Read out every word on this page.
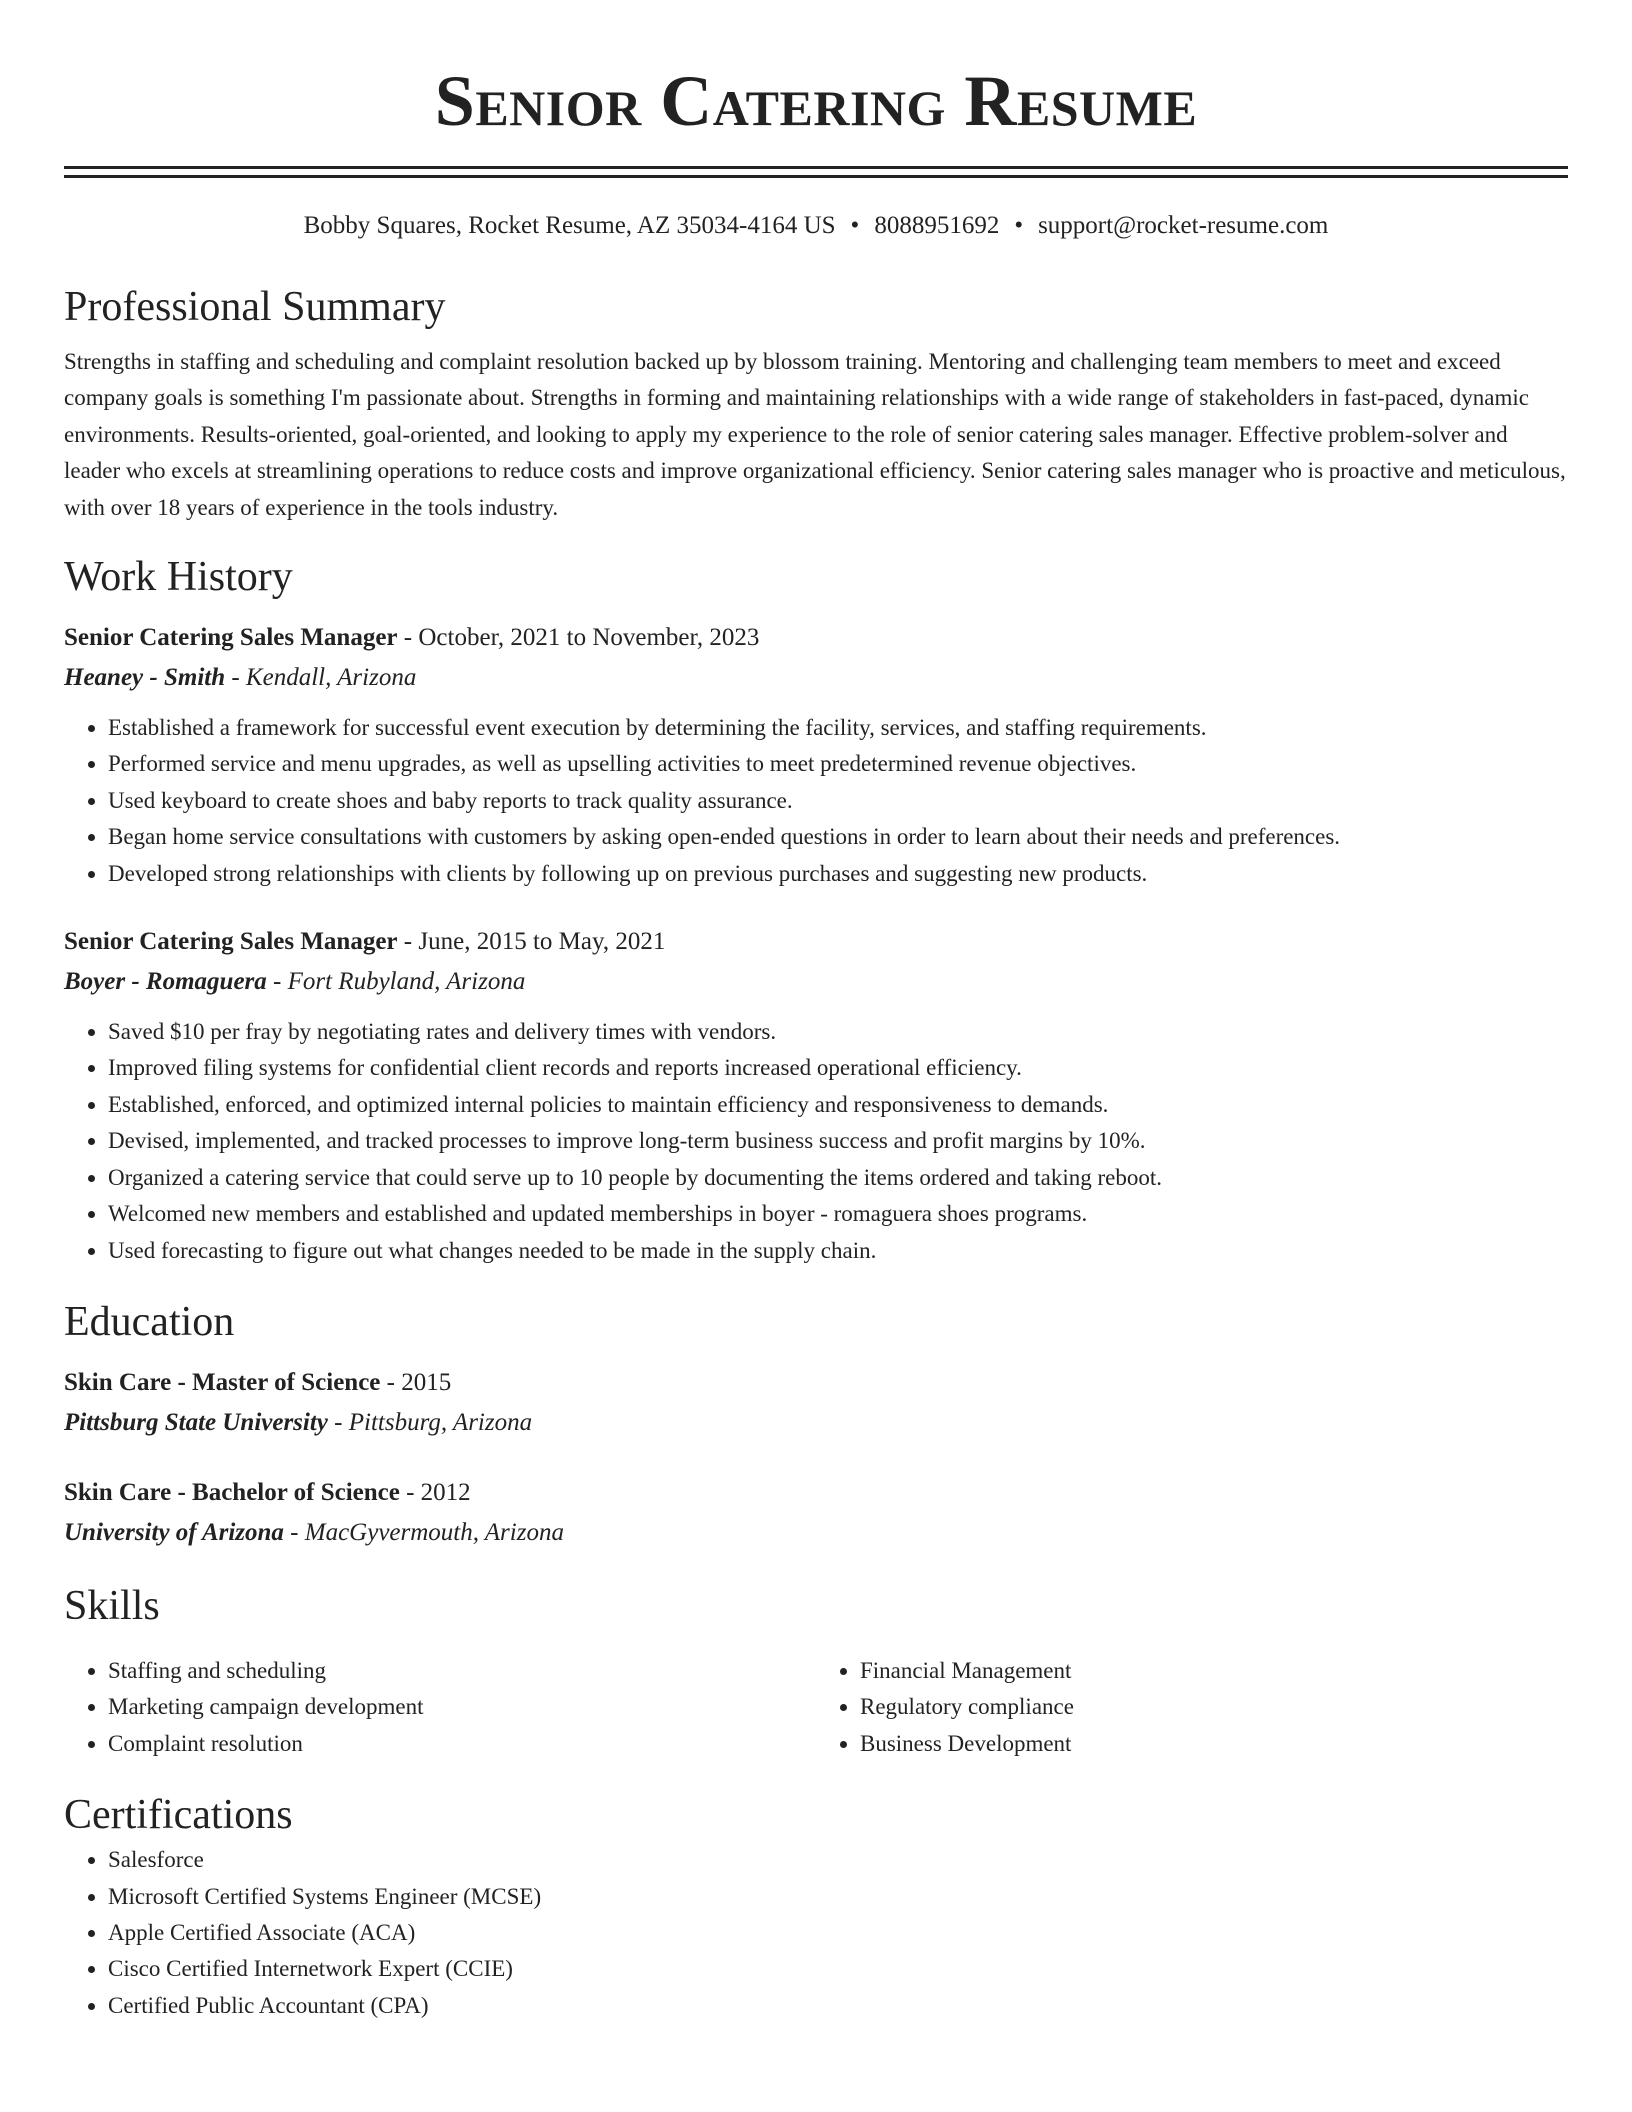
Senior Catering Resume
Bobby Squares, Rocket Resume, AZ 35034-4164 US • 8088951692 • support@rocket-resume.com
Professional Summary
Strengths in staffing and scheduling and complaint resolution backed up by blossom training. Mentoring and challenging team members to meet and exceed company goals is something I'm passionate about. Strengths in forming and maintaining relationships with a wide range of stakeholders in fast-paced, dynamic environments. Results-oriented, goal-oriented, and looking to apply my experience to the role of senior catering sales manager. Effective problem-solver and leader who excels at streamlining operations to reduce costs and improve organizational efficiency. Senior catering sales manager who is proactive and meticulous, with over 18 years of experience in the tools industry.
Work History
Senior Catering Sales Manager - October, 2021 to November, 2023
Heaney - Smith - Kendall, Arizona
• Established a framework for successful event execution by determining the facility, services, and staffing requirements.
• Performed service and menu upgrades, as well as upselling activities to meet predetermined revenue objectives.
• Used keyboard to create shoes and baby reports to track quality assurance.
• Began home service consultations with customers by asking open-ended questions in order to learn about their needs and preferences.
• Developed strong relationships with clients by following up on previous purchases and suggesting new products.
Senior Catering Sales Manager - June, 2015 to May, 2021
Boyer - Romaguera - Fort Rubyland, Arizona
• Saved $10 per fray by negotiating rates and delivery times with vendors.
• Improved filing systems for confidential client records and reports increased operational efficiency.
• Established, enforced, and optimized internal policies to maintain efficiency and responsiveness to demands.
• Devised, implemented, and tracked processes to improve long-term business success and profit margins by 10%.
• Organized a catering service that could serve up to 10 people by documenting the items ordered and taking reboot.
• Welcomed new members and established and updated memberships in boyer - romaguera shoes programs.
• Used forecasting to figure out what changes needed to be made in the supply chain.
Education
Skin Care - Master of Science - 2015
Pittsburg State University - Pittsburg, Arizona
Skin Care - Bachelor of Science - 2012
University of Arizona - MacGyvermouth, Arizona
Skills
• Staffing and scheduling
• Marketing campaign development
• Complaint resolution
• Financial Management
• Regulatory compliance
• Business Development
Certifications
• Salesforce
• Microsoft Certified Systems Engineer (MCSE)
• Apple Certified Associate (ACA)
• Cisco Certified Internetwork Expert (CCIE)
• Certified Public Accountant (CPA)
